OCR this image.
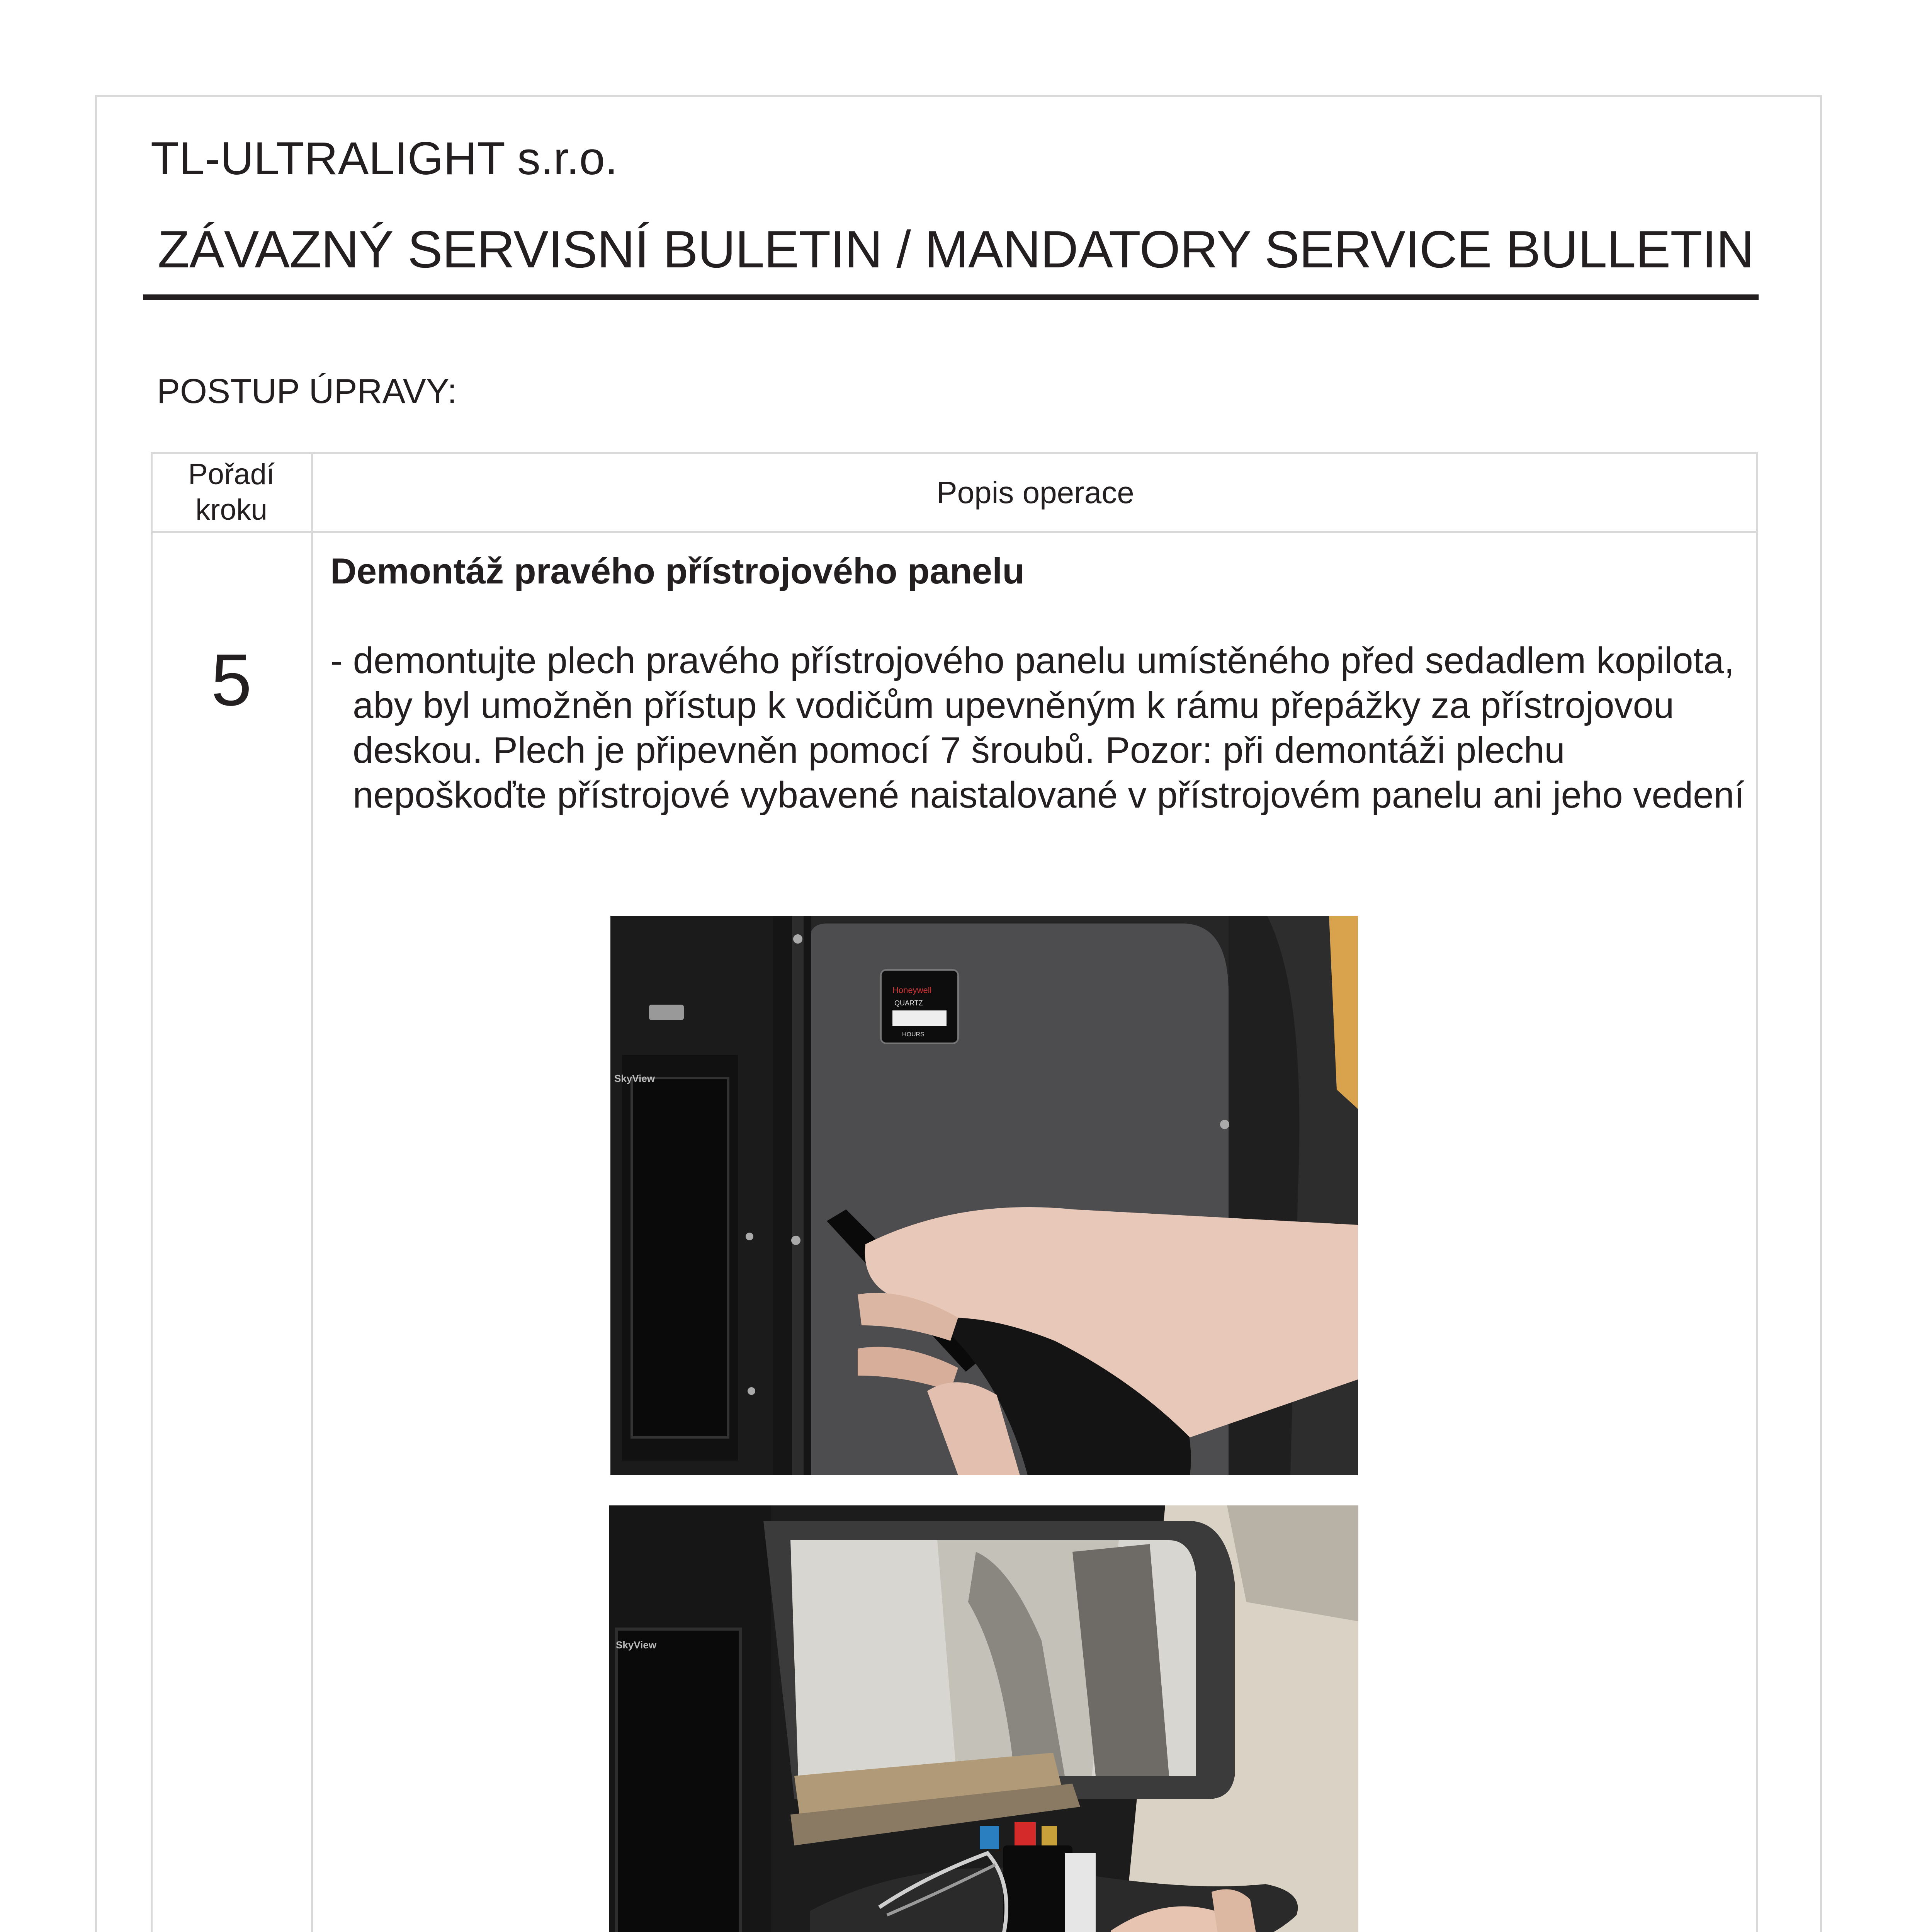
TL-ULTRALIGHT s.r.o.
ZÁVAZNÝ SERVISNÍ BULETIN / MANDATORY SERVICE BULLETIN
POSTUP ÚPRAVY:
Pořadí kroku
Popis operace
5
Demontáž pravého přístrojového panelu
- demontujte plech pravého přístrojového panelu umístěného před sedadlem kopilota, aby byl umožněn přístup k vodičům upevněným k rámu přepážky za přístrojovou deskou. Plech je připevněn pomocí 7 šroubů. Pozor: při demontáži plechu nepoškoďte přístrojové vybavené naistalované v přístrojovém panelu ani jeho vedení
SkyView
Honeywell
QUARTZ
HOURS
SkyView
